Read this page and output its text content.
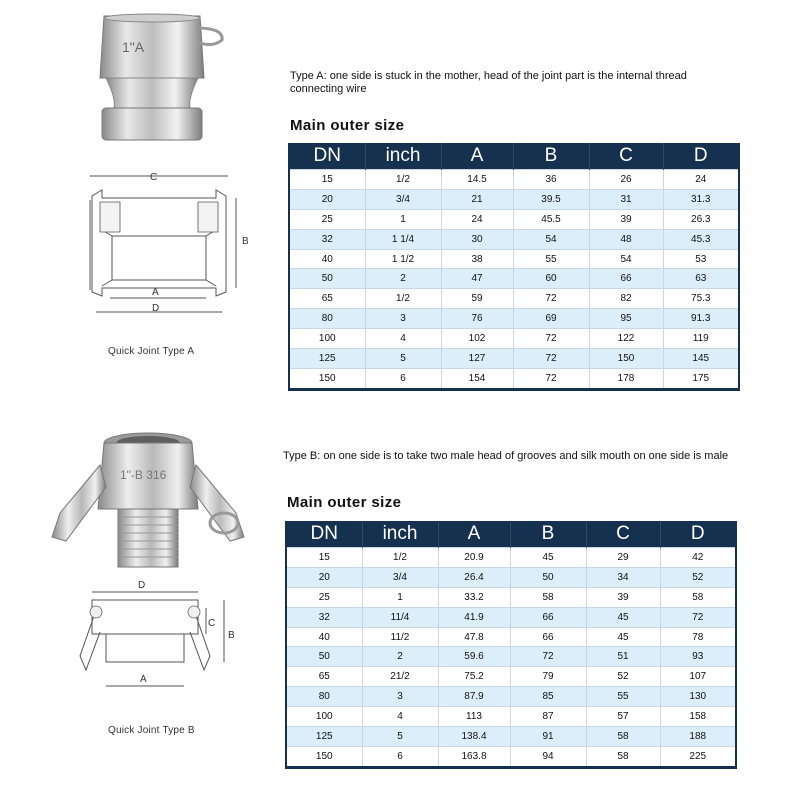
1"A
Type A: one side is stuck in the mother, head of the joint part is the internal thread connecting wire
Main outer size
C
B
A
D
Quick Joint Type A
DN	inch	A	B	C	D
15	1/2	14.5	36	26	24
20	3/4	21	39.5	31	31.3
25	1	24	45.5	39	26.3
32	1 1/4	30	54	48	45.3
40	1 1/2	38	55	54	53
50	2	47	60	66	63
65	1/2	59	72	82	75.3
80	3	76	69	95	91.3
100	4	102	72	122	119
125	5	127	72	150	145
150	6	154	72	178	175
1"-B 316
Type B: on one side is to take two male head of grooves and silk mouth on one side is male
Main outer size
D
C
B
A
Quick Joint Type B
DN	inch	A	B	C	D
15	1/2	20.9	45	29	42
20	3/4	26.4	50	34	52
25	1	33.2	58	39	58
32	11/4	41.9	66	45	72
40	11/2	47.8	66	45	78
50	2	59.6	72	51	93
65	21/2	75.2	79	52	107
80	3	87.9	85	55	130
100	4	113	87	57	158
125	5	138.4	91	58	188
150	6	163.8	94	58	225
